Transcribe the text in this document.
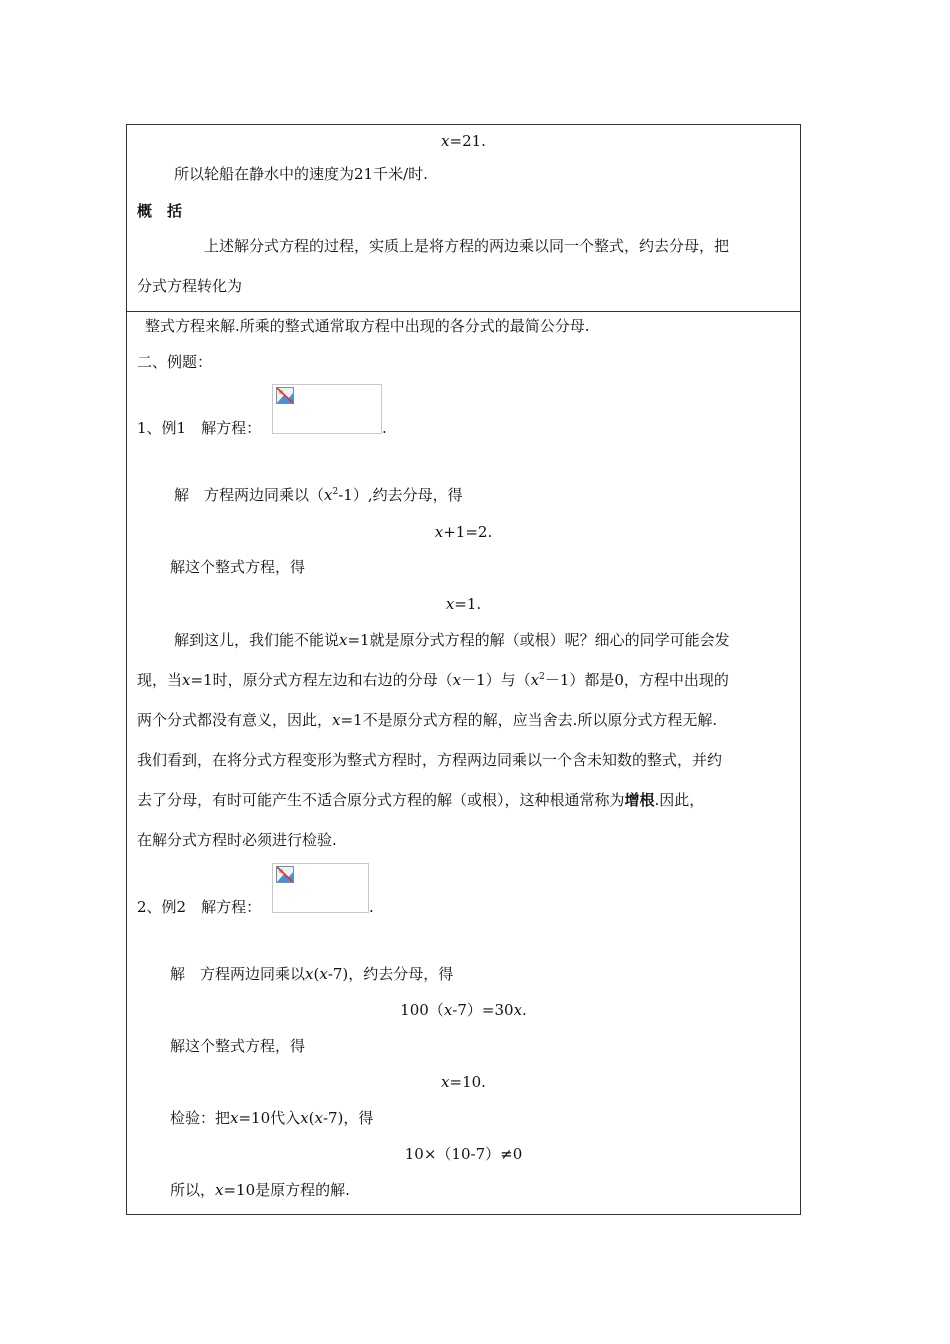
x=21.
所以轮船在静水中的速度为21千米/时.
概　括
上述解分式方程的过程，实质上是将方程的两边乘以同一个整式，约去分母，把
分式方程转化为
整式方程来解.所乘的整式通常取方程中出现的各分式的最简公分母.
二、例题：
1、例1　解方程：	.
解　方程两边同乘以$(x^2-1)$,约去分母，得
x+1=2.
解这个整式方程，得
x=1.
解到这儿，我们能不能说x=1就是原分式方程的解（或根）呢？细心的同学可能会发
现，当x=1时，原分式方程左边和右边的分母（x－1）与$(x^2-1)$都是0，方程中出现的
两个分式都没有意义，因此，x=1不是原分式方程的解，应当舍去.所以原分式方程无解.
我们看到，在将分式方程变形为整式方程时，方程两边同乘以一个含未知数的整式，并约
去了分母，有时可能产生不适合原分式方程的解（或根），这种根通常称为增根.因此，
在解分式方程时必须进行检验.
2、例2　解方程：	.
解　方程两边同乘以x(x-7)，约去分母，得
100（x-7）=30x.
解这个整式方程，得
x=10.
检验：把x=10代入x(x-7)，得
10×（10-7）≠0
所以，x=10是原方程的解.
